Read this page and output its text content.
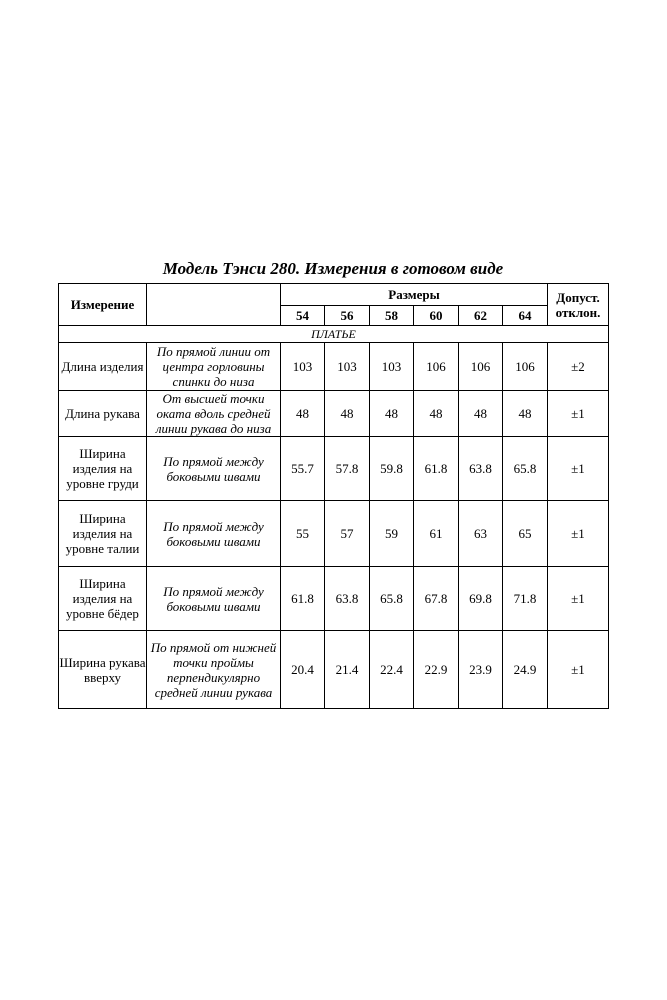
Модель Тэнси 280. Измерения в готовом виде
Измерение		Размеры						Допуст. отклон.
		54	56	58	60	62	64	
ПЛАТЬЕ								
Длина изделия	По прямой линии от центра горловины спинки до низа	103	103	103	106	106	106	±2
Длина рукава	От высшей точки оката вдоль средней линии рукава до низа	48	48	48	48	48	48	±1
Ширина изделия на уровне груди	По прямой между боковыми швами	55.7	57.8	59.8	61.8	63.8	65.8	±1
Ширина изделия на уровне талии	По прямой между боковыми швами	55	57	59	61	63	65	±1
Ширина изделия на уровне бёдер	По прямой между боковыми швами	61.8	63.8	65.8	67.8	69.8	71.8	±1
Ширина рукава вверху	По прямой от нижней точки проймы перпендикулярно средней линии рукава	20.4	21.4	22.4	22.9	23.9	24.9	±1
